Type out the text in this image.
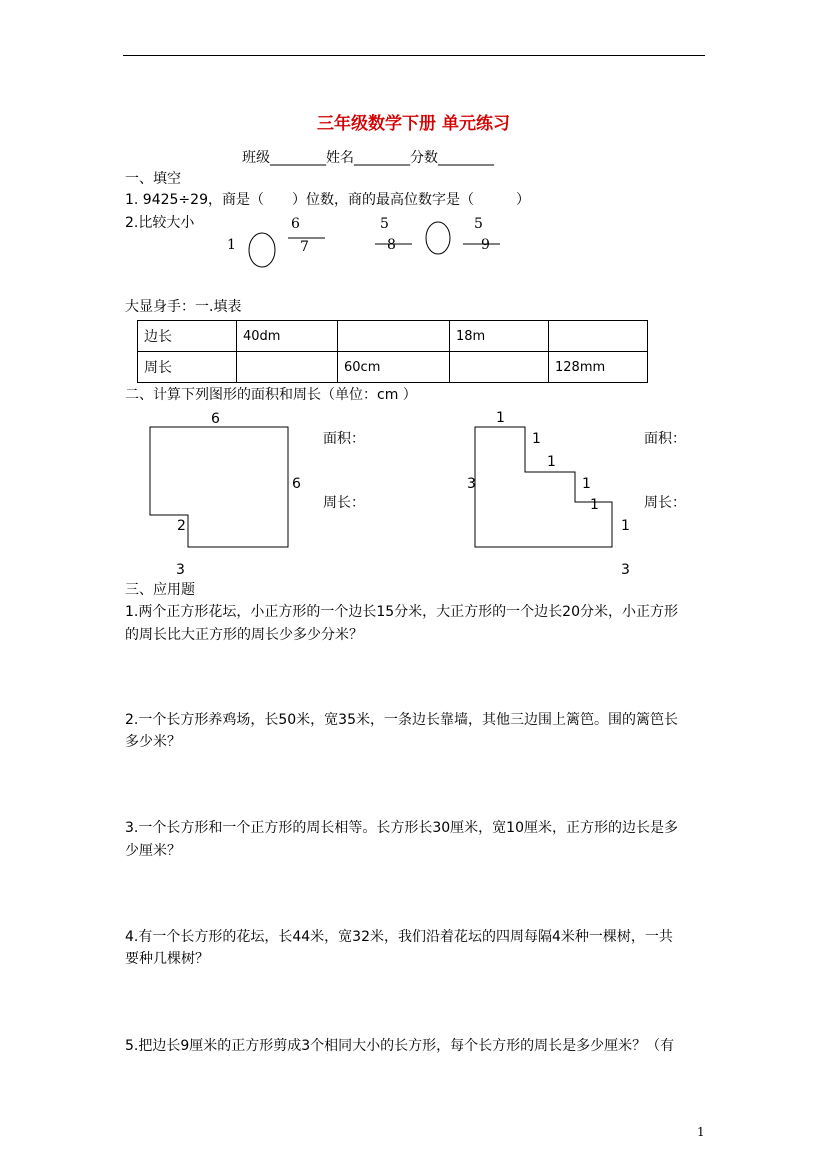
三年级数学下册 单元练习
班级________姓名________分数________
一、填空
1. 9425÷29，商是（　　）位数，商的最高位数字是（　　　）
2.比较大小
1
6
7
5
8
5
9
大显身手：一.填表
边长	40dm		18m	
周长		60cm		128mm
二、计算下列图形的面积和周长（单位：cm ）
6
6
2
3
面积：
周长：
1
1
1
1
1
3
1
3
面积：
周长：
三、应用题
1.两个正方形花坛，小正方形的一个边长15分米，大正方形的一个边长20分米，小正方形
的周长比大正方形的周长少多少分米？
2.一个长方形养鸡场，长50米，宽35米，一条边长靠墙，其他三边围上篱笆。围的篱笆长
多少米？
3.一个长方形和一个正方形的周长相等。长方形长30厘米，宽10厘米，正方形的边长是多
少厘米？
4.有一个长方形的花坛，长44米，宽32米，我们沿着花坛的四周每隔4米种一棵树，一共
要种几棵树？
5.把边长9厘米的正方形剪成3个相同大小的长方形，每个长方形的周长是多少厘米？（有
1
